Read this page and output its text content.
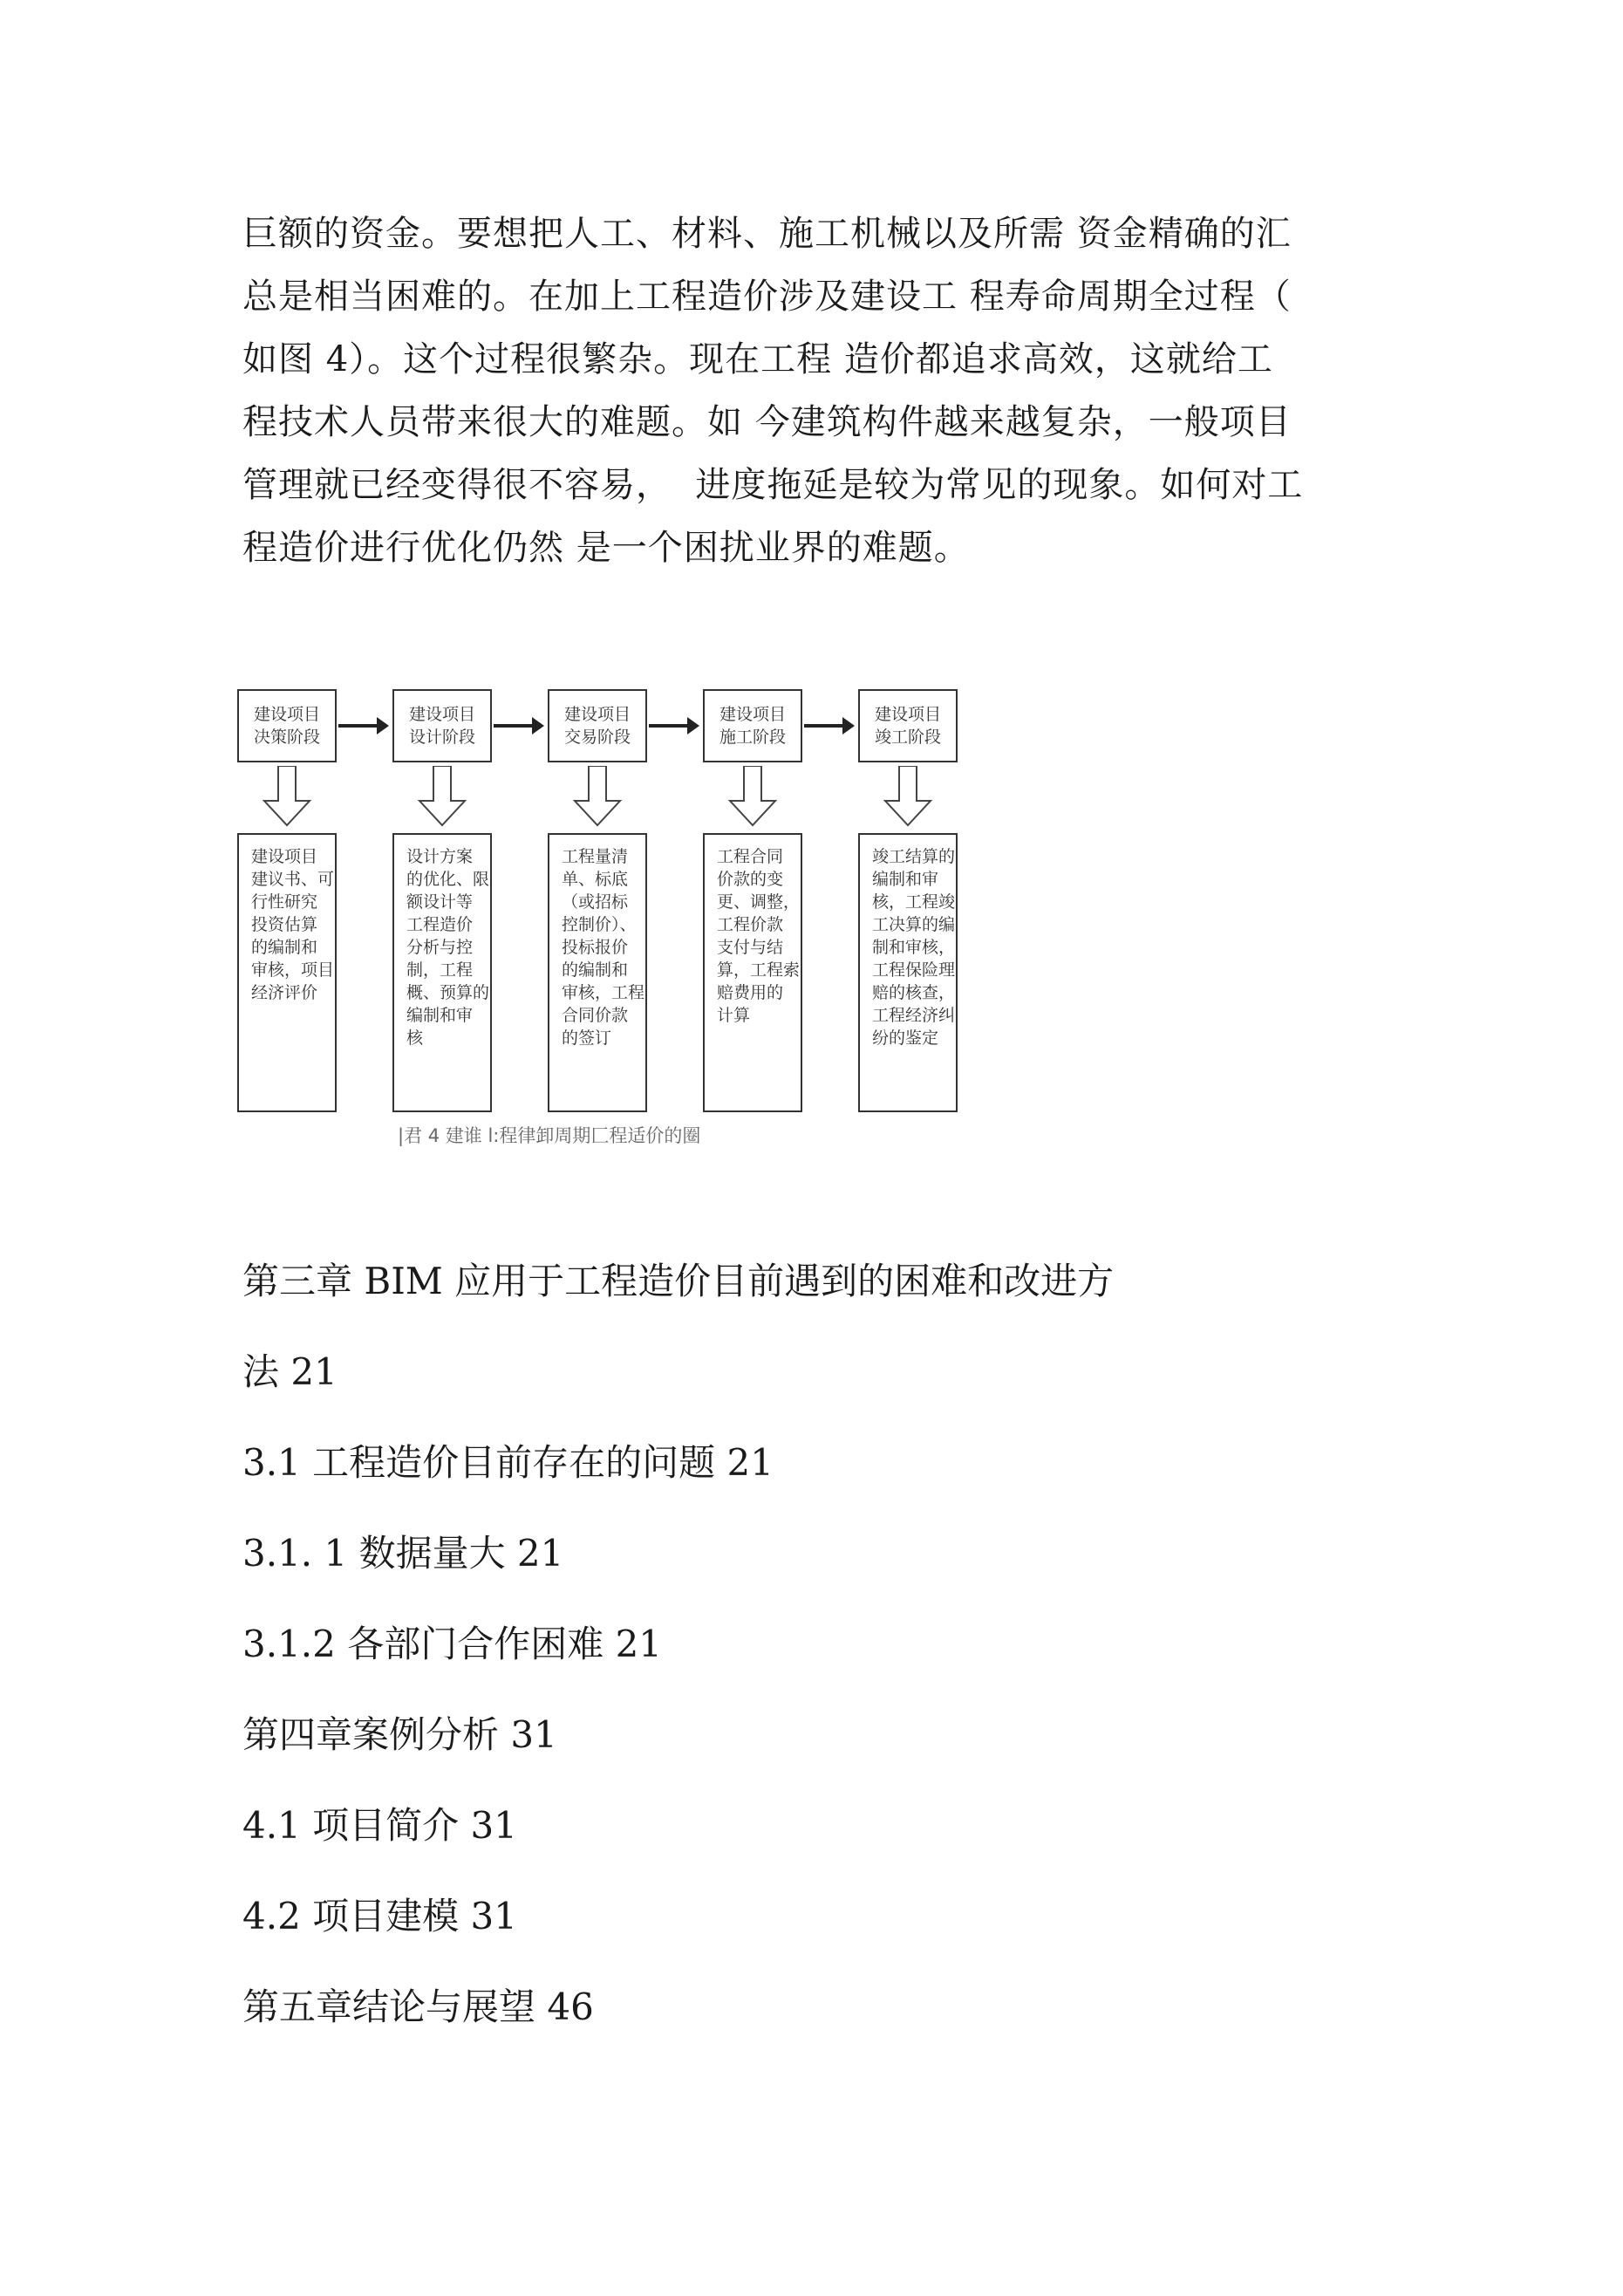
巨额的资金。要想把人工、材料、施工机械以及所需 资金精确的汇
总是相当困难的。在加上工程造价涉及建设工 程寿命周期全过程（
如图 4）。这个过程很繁杂。现在工程 造价都追求高效，这就给工
程技术人员带来很大的难题。如 今建筑构件越来越复杂，一般项目
管理就已经变得很不容易，  进度拖延是较为常见的现象。如何对工
程造价进行优化仍然 是一个困扰业界的难题。
建设项目
决策阶段
建设项目
设计阶段
建设项目
交易阶段
建设项目
施工阶段
建设项目
竣工阶段
建设项目
建议书、可
行性研究
投资估算
的编制和
审核，项目
经济评价
设计方案
的优化、限
额设计等
工程造价
分析与控
制，工程
概、预算的
编制和审
核
工程量清
单、标底
（或招标
控制价）、
投标报价
的编制和
审核，工程
合同价款
的签订
工程合同
价款的变
更、调整，
工程价款
支付与结
算，工程索
赔费用的
计算
竣工结算的
编制和审
核，工程竣
工决算的编
制和审核，
工程保险理
赔的核查，
工程经济纠
纷的鉴定
|君 4 建谁 l:程律卸周期匚程适价的圈
第三章 BIM 应用于工程造价目前遇到的困难和改进方
法 21
3.1 工程造价目前存在的问题 21
3.1. 1 数据量大 21
3.1.2 各部门合作困难 21
第四章案例分析 31
4.1 项目简介 31
4.2 项目建模 31
第五章结论与展望 46
